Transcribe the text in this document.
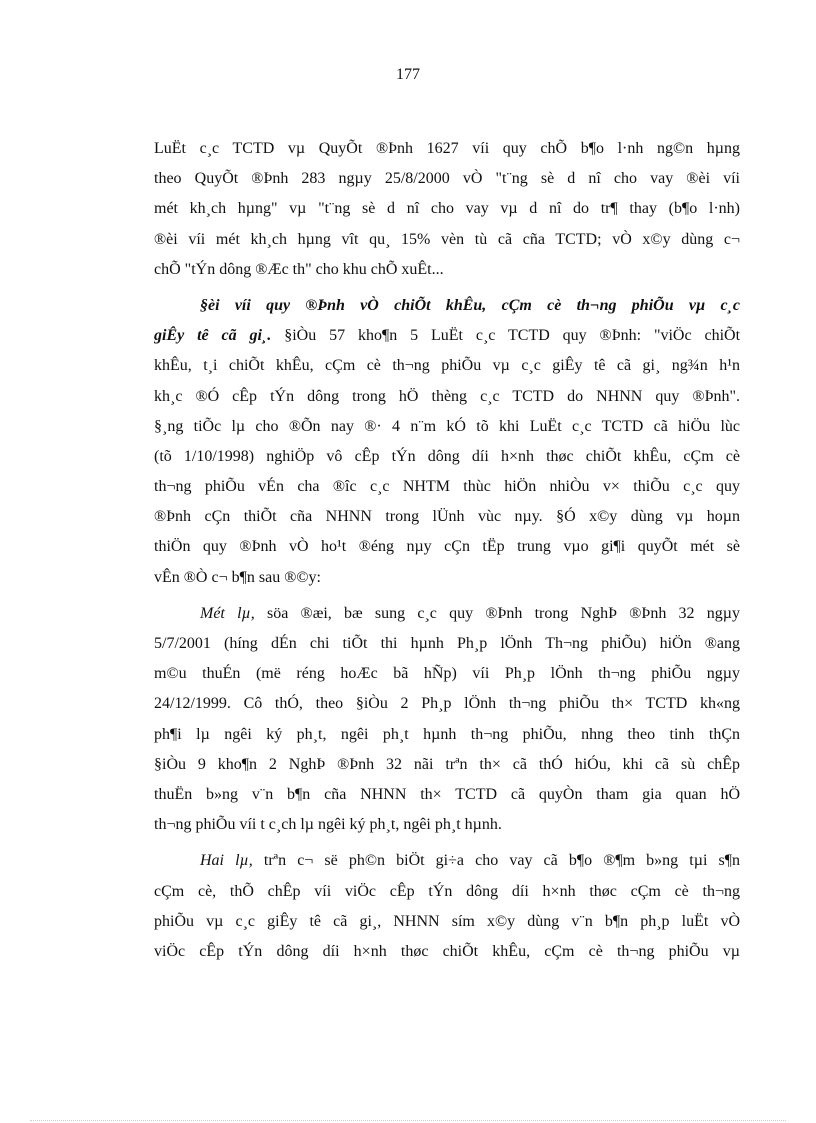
177

LuËt c¸c TCTD vµ QuyÕt ®Þnh 1627 víi quy chÕ b¶o l·nh ng©n hµng
theo QuyÕt ®Þnh 283 ngµy 25/8/2000 vÒ "t¨ng sè d nî cho vay ®èi víi
mét kh¸ch hµng" vµ "t¨ng sè d nî cho vay vµ d nî do tr¶ thay (b¶o l·nh)
®èi víi mét kh¸ch hµng vît qu¸ 15% vèn tù cã cña TCTD; vÒ x©y dùng c¬
chÕ "tÝn dông ®Æc th" cho khu chÕ xuÊt...

§èi víi quy ®Þnh vÒ chiÕt khÊu, cÇm cè th¬ng phiÕu vµ c¸c
giÊy tê cã gi¸. §iÒu 57 kho¶n 5 LuËt c¸c TCTD quy ®Þnh: "viÖc chiÕt
khÊu, t¸i chiÕt khÊu, cÇm cè th¬ng phiÕu vµ c¸c giÊy tê cã gi¸ ng¾n h¹n
kh¸c ®Ó cÊp tÝn dông trong hÖ thèng c¸c TCTD do NHNN quy ®Þnh".
§¸ng tiÕc lµ cho ®Õn nay ®· 4 n¨m kÓ tõ khi LuËt c¸c TCTD cã hiÖu lùc
(tõ 1/10/1998) nghiÖp vô cÊp tÝn dông díi h×nh thøc chiÕt khÊu, cÇm cè
th¬ng phiÕu vÉn cha ®îc c¸c NHTM thùc hiÖn nhiÒu v× thiÕu c¸c quy
®Þnh cÇn thiÕt cña NHNN trong lÜnh vùc nµy. §Ó x©y dùng vµ hoµn
thiÖn quy ®Þnh vÒ ho¹t ®éng nµy cÇn tËp trung vµo gi¶i quyÕt mét sè
vÊn ®Ò c¬ b¶n sau ®©y:

Mét lµ, söa ®æi, bæ sung c¸c quy ®Þnh trong NghÞ ®Þnh 32 ngµy
5/7/2001 (híng dÉn chi tiÕt thi hµnh Ph¸p lÖnh Th¬ng phiÕu) hiÖn ®ang
m©u thuÉn (më réng hoÆc bã hÑp) víi Ph¸p lÖnh th¬ng phiÕu ngµy
24/12/1999. Cô thÓ, theo §iÒu 2 Ph¸p lÖnh th¬ng phiÕu th× TCTD kh«ng
ph¶i lµ ngêi ký ph¸t, ngêi ph¸t hµnh th¬ng phiÕu, nhng theo tinh thÇn
§iÒu 9 kho¶n 2 NghÞ ®Þnh 32 nãi trªn th× cã thÓ hiÓu, khi cã sù chÊp
thuËn b»ng v¨n b¶n cña NHNN th× TCTD cã quyÒn tham gia quan hÖ
th¬ng phiÕu víi t c¸ch lµ ngêi ký ph¸t, ngêi ph¸t hµnh.

Hai lµ, trªn c¬ së ph©n biÖt gi÷a cho vay cã b¶o ®¶m b»ng tµi s¶n
cÇm cè, thÕ chÊp víi viÖc cÊp tÝn dông díi h×nh thøc cÇm cè th¬ng
phiÕu vµ c¸c giÊy tê cã gi¸, NHNN sím x©y dùng v¨n b¶n ph¸p luËt vÒ
viÖc cÊp tÝn dông díi h×nh thøc chiÕt khÊu, cÇm cè th¬ng phiÕu vµ
